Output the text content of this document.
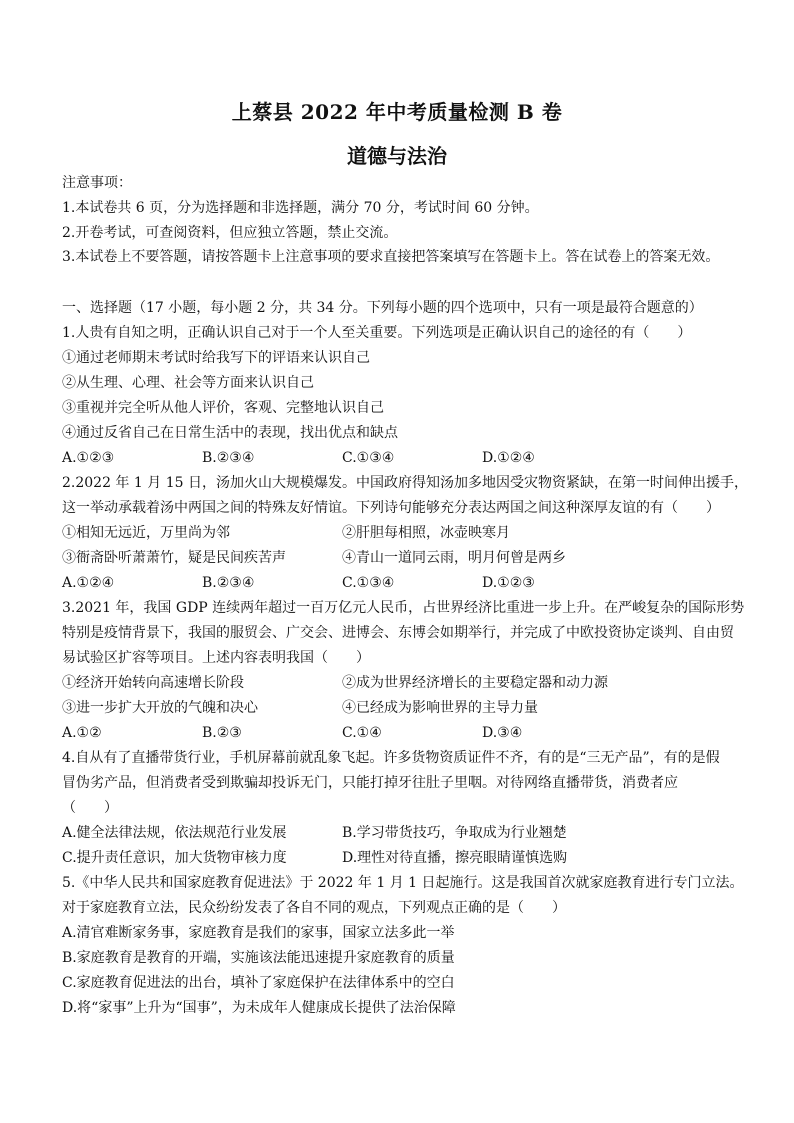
上蔡县 2022 年中考质量检测 B 卷
道德与法治
注意事项：
1.本试卷共 6 页，分为选择题和非选择题，满分 70 分，考试时间 60 分钟。
2.开卷考试，可查阅资料，但应独立答题，禁止交流。
3.本试卷上不要答题，请按答题卡上注意事项的要求直接把答案填写在答题卡上。答在试卷上的答案无效。
一、选择题（17 小题，每小题 2 分，共 34 分。下列每小题的四个选项中，只有一项是最符合题意的）
1.人贵有自知之明，正确认识自己对于一个人至关重要。下列选项是正确认识自己的途径的有（　　）
①通过老师期末考试时给我写下的评语来认识自己
②从生理、心理、社会等方面来认识自己
③重视并完全听从他人评价，客观、完整地认识自己
④通过反省自己在日常生活中的表现，找出优点和缺点
A.①②③	B.②③④	C.①③④	D.①②④
2.2022 年 1 月 15 日，汤加火山大规模爆发。中国政府得知汤加多地因受灾物资紧缺，在第一时间伸出援手，
这一举动承载着汤中两国之间的特殊友好情谊。下列诗句能够充分表达两国之间这种深厚友谊的有（　　）
①相知无远近，万里尚为邻	②肝胆每相照，冰壶映寒月
③衙斋卧听萧萧竹，疑是民间疾苦声	④青山一道同云雨，明月何曾是两乡
A.①②④	B.②③④	C.①③④	D.①②③
3.2021 年，我国 GDP 连续两年超过一百万亿元人民币，占世界经济比重进一步上升。在严峻复杂的国际形势
特别是疫情背景下，我国的服贸会、广交会、进博会、东博会如期举行，并完成了中欧投资协定谈判、自由贸
易试验区扩容等项目。上述内容表明我国（　　）
①经济开始转向高速增长阶段	②成为世界经济增长的主要稳定器和动力源
③进一步扩大开放的气魄和决心	④已经成为影响世界的主导力量
A.①②	B.②③	C.①④	D.③④
4.自从有了直播带货行业，手机屏幕前就乱象飞起。许多货物资质证件不齐，有的是“三无产品”，有的是假
冒伪劣产品，但消费者受到欺骗却投诉无门，只能打掉牙往肚子里咽。对待网络直播带货，消费者应
（　　）
A.健全法律法规，依法规范行业发展	B.学习带货技巧，争取成为行业翘楚
C.提升责任意识，加大货物审核力度	D.理性对待直播，擦亮眼睛谨慎选购
5.《中华人民共和国家庭教育促进法》于 2022 年 1 月 1 日起施行。这是我国首次就家庭教育进行专门立法。
对于家庭教育立法，民众纷纷发表了各自不同的观点，下列观点正确的是（　　）
A.清官难断家务事，家庭教育是我们的家事，国家立法多此一举
B.家庭教育是教育的开端，实施该法能迅速提升家庭教育的质量
C.家庭教育促进法的出台，填补了家庭保护在法律体系中的空白
D.将“家事”上升为“国事”，为未成年人健康成长提供了法治保障
